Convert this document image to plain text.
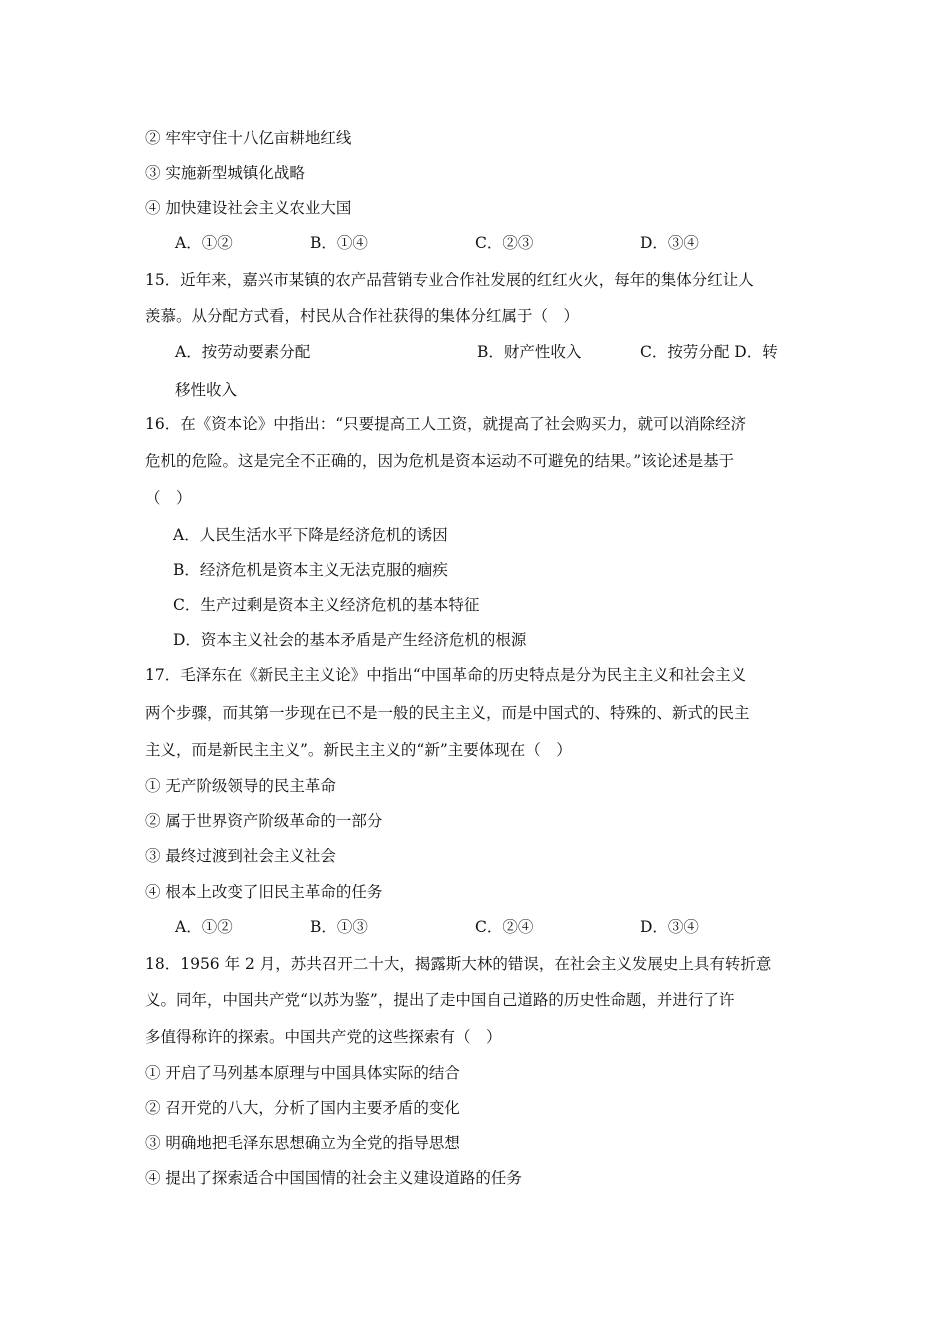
② 牢牢守住十八亿亩耕地红线
③ 实施新型城镇化战略
④ 加快建设社会主义农业大国
A．①②	B．①④	C．②③	D．③④
15．近年来，嘉兴市某镇的农产品营销专业合作社发展的红红火火，每年的集体分红让人
羡慕。从分配方式看，村民从合作社获得的集体分红属于（　）
A．按劳动要素分配	B．财产性收入	C．按劳分配 D．转
移性收入
16．在《资本论》中指出：“只要提高工人工资，就提高了社会购买力，就可以消除经济
危机的危险。这是完全不正确的，因为危机是资本运动不可避免的结果。”该论述是基于
（　）
A．人民生活水平下降是经济危机的诱因
B．经济危机是资本主义无法克服的痼疾
C．生产过剩是资本主义经济危机的基本特征
D．资本主义社会的基本矛盾是产生经济危机的根源
17．毛泽东在《新民主主义论》中指出“中国革命的历史特点是分为民主主义和社会主义
两个步骤，而其第一步现在已不是一般的民主主义，而是中国式的、特殊的、新式的民主
主义，而是新民主主义”。新民主主义的“新”主要体现在（　）
① 无产阶级领导的民主革命
② 属于世界资产阶级革命的一部分
③ 最终过渡到社会主义社会
④ 根本上改变了旧民主革命的任务
A．①②	B．①③	C．②④	D．③④
18．1956 年 2 月，苏共召开二十大，揭露斯大林的错误，在社会主义发展史上具有转折意
义。同年，中国共产党“以苏为鉴”，提出了走中国自己道路的历史性命题，并进行了许
多值得称许的探索。中国共产党的这些探索有（　）
① 开启了马列基本原理与中国具体实际的结合
② 召开党的八大，分析了国内主要矛盾的变化
③ 明确地把毛泽东思想确立为全党的指导思想
④ 提出了探索适合中国国情的社会主义建设道路的任务
